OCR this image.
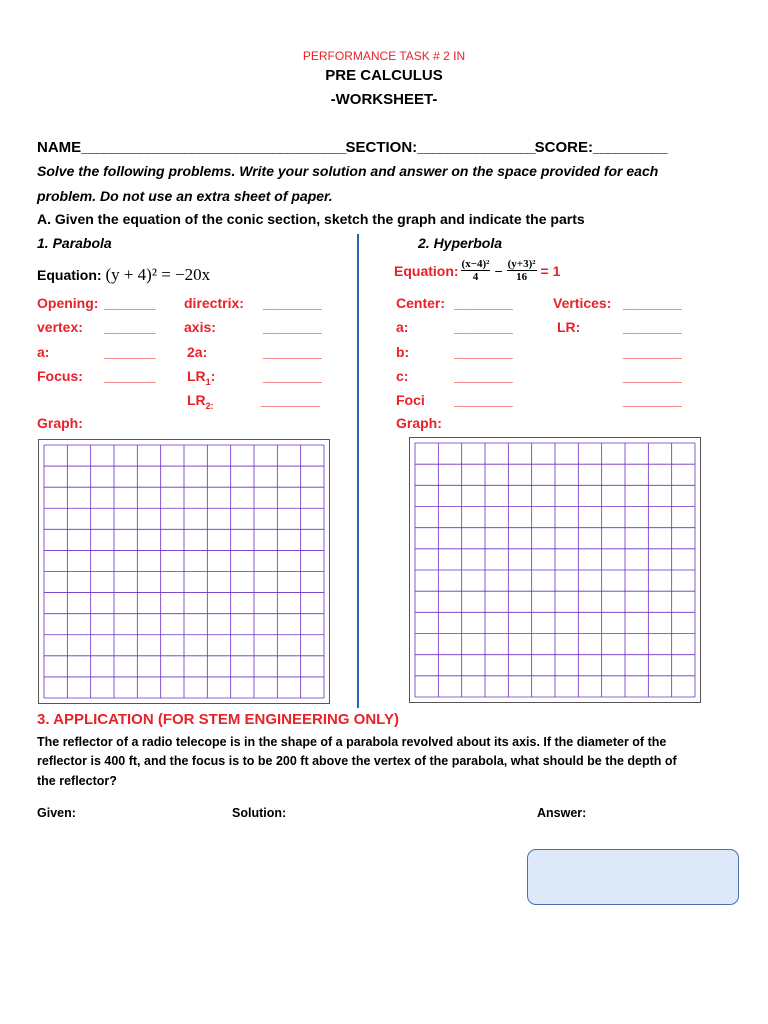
PERFORMANCE TASK # 2 IN
PRE CALCULUS
-WORKSHEET-
NAME____________________________________SECTION:________________SCORE:__________
Solve the following problems. Write your solution and answer on the space provided for each
problem. Do not use an extra sheet of paper.
A. Given the equation of the conic section, sketch the graph and indicate the parts
1. Parabola
Equation: (y + 4)² = −20x
Opening: _______ directrix: ________
vertex: _______ axis:	________
a:	_______ 2a:	________
Focus: _______ $LR_1$:	________
$LR_{2:}$	________
Graph:
2. Hyperbola
Equation: $\frac{\text{(x−4)²}}{4} - \frac{\text{(y+3)²}}{16} = 1$
Center: ________	Vertices: ________
a:	________	LR:	________
b:	________	________
c:	________	________
Foci ________	________
Graph:
3. APPLICATION (FOR STEM ENGINEERING ONLY)
The reflector of a radio telecope is in the shape of a parabola revolved about its axis. If the diameter of the
reflector is 400 ft, and the focus is to be 200 ft above the vertex of the parabola, what should be the depth of
the reflector?
Given:	Solution:	Answer:
